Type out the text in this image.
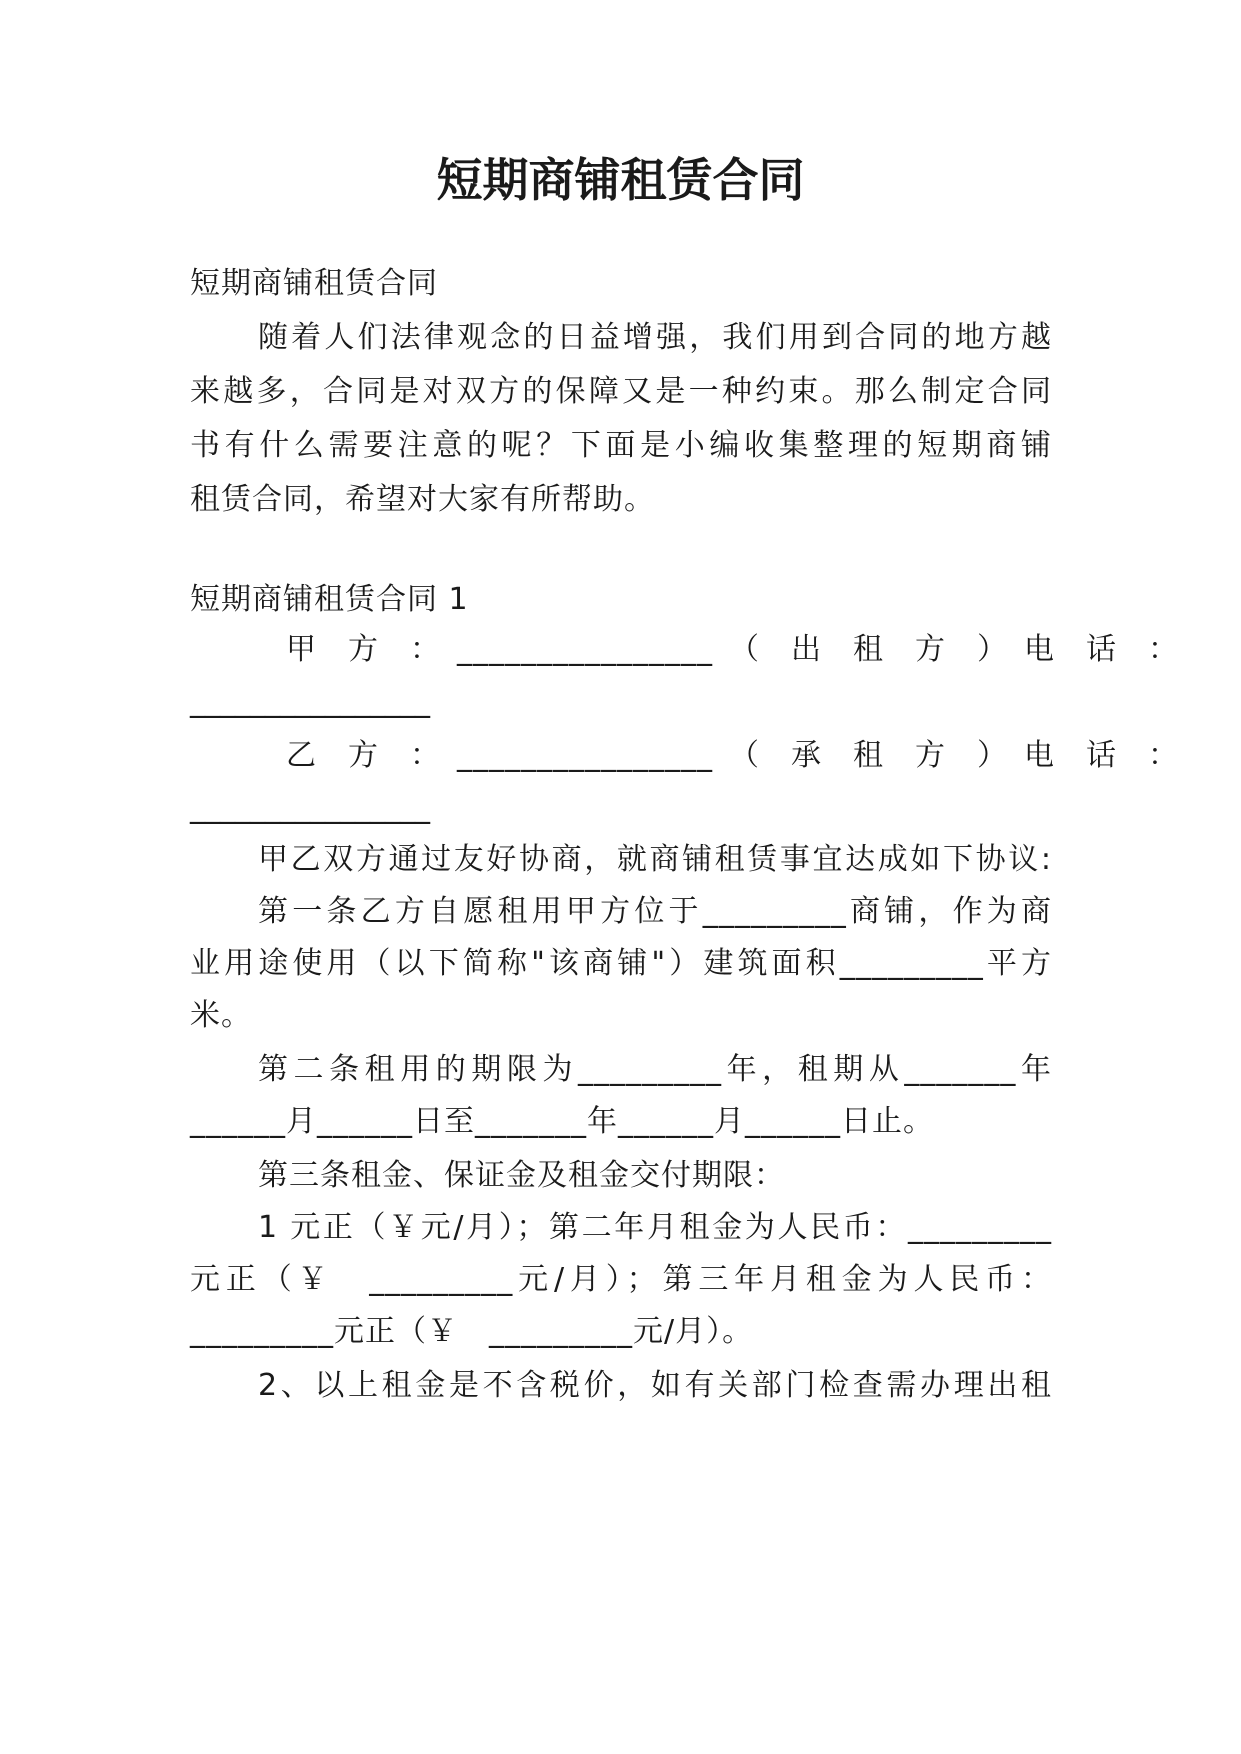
短期商铺租赁合同
短期商铺租赁合同
随着人们法律观念的日益增强，我们用到合同的地方越
来越多，合同是对双方的保障又是一种约束。那么制定合同
书有什么需要注意的呢？下面是小编收集整理的短期商铺
租赁合同，希望对大家有所帮助。
短期商铺租赁合同 1
甲　方　：　________________　（　出　租　方　）　电　话　：
________________
乙　方　：　________________　（　承　租　方　）　电　话　：
________________
甲乙双方通过友好协商，就商铺租赁事宜达成如下协议:
第一条乙方自愿租用甲方位于_________商铺，作为商
业用途使用（以下简称"该商铺"）建筑面积_________平方
米。
第二条租用的期限为_________年，租期从_______年
______月______日至_______年______月______日止。
第三条租金、保证金及租金交付期限：
1 元正（￥元/月）；第二年月租金为人民币：_________
元正（￥　_________元/月）；第三年月租金为人民币：
_________元正（￥　_________元/月）。
2、以上租金是不含税价，如有关部门检查需办理出租
